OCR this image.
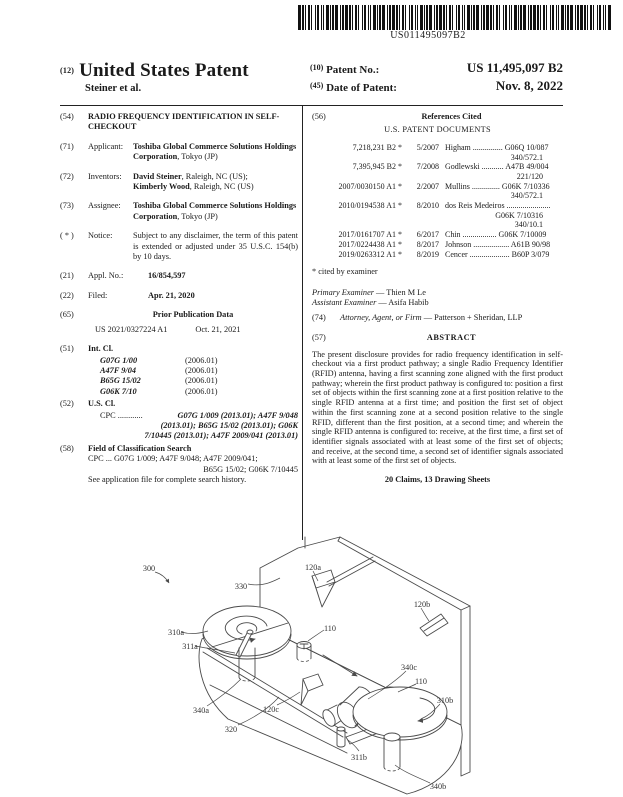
US011495097B2
(12) United States Patent
Steiner et al.
$^{(10)}$ Patent No.:	US 11,495,097 B2
$^{(45)}$ Date of Patent:	Nov. 8, 2022
(54)	RADIO FREQUENCY IDENTIFICATION IN SELF-CHECKOUT
(71)	Applicant:	Toshiba Global Commerce Solutions Holdings Corporation, Tokyo (JP)
(72)	Inventors:	David Steiner, Raleigh, NC (US);
Kimberly Wood, Raleigh, NC (US)
(73)	Assignee:	Toshiba Global Commerce Solutions Holdings Corporation, Tokyo (JP)
( * )	Notice:	Subject to any disclaimer, the term of this patent is extended or adjusted under 35 U.S.C. 154(b) by 10 days.
(21)	Appl. No.:	16/854,597
(22)	Filed:	Apr. 21, 2020
(65)	Prior Publication Data
US 2021/0327224 A1	Oct. 21, 2021
(51)	Int. Cl.
G07G 1/00	(2006.01)
A47F 9/04	(2006.01)
B65G 15/02	(2006.01)
G06K 7/10	(2006.01)
(52)	U.S. Cl.
CPC ............	G07G 1/009 (2013.01); A47F 9/048
(2013.01); B65G 15/02 (2013.01); G06K
7/10445 (2013.01); A47F 2009/041 (2013.01)
(58)	Field of Classification Search
CPC ... G07G 1/009; A47F 9/048; A47F 2009/041;
B65G 15/02; G06K 7/10445
See application file for complete search history.
(56)	References Cited
U.S. PATENT DOCUMENTS
7,218,231 B2 *	5/2007 Higham ............... G06Q 10/087
340/572.1
7,395,945 B2 *	7/2008 Godlewski ........... A47B 49/004
221/120
2007/0030150 A1 *	2/2007 Mullins .............. G06K 7/10336
340/572.1
2010/0194538 A1 *	8/2010 dos Reis Medeiros ......................
G06K 7/10316
340/10.1
2017/0161707 A1 *	6/2017 Chin ................. G06K 7/10009
2017/0224438 A1 *	8/2017 Johnson .................. A61B 90/98
2019/0263312 A1 *	8/2019 Cencer .................... B60P 3/079
* cited by examiner
Primary Examiner — Thien M Le
Assistant Examiner — Asifa Habib
(74)	Attorney, Agent, or Firm — Patterson + Sheridan, LLP
(57)	ABSTRACT
The present disclosure provides for radio frequency identification in self-checkout via a first product pathway; a single Radio Frequency Identifier (RFID) antenna, having a first scanning zone aligned with the first product pathway; wherein the first product pathway is configured to: position a first set of objects within the first scanning zone at a first position relative to the single RFID antenna at a first time; and position the first set of object within the first scanning zone at a second position relative to the single RFID, different than the first position, at a second time; and wherein the single RFID antenna is configured to: receive, at the first time, a first set of identifier signals associated with at least some of the first set of objects; and receive, at the second time, a second set of identifier signals associated with at least some of the first set of objects.
20 Claims, 13 Drawing Sheets
300
330
120a
120b
310a
311a
110
340c
110
310b
340a	120c
320
311b
340b
